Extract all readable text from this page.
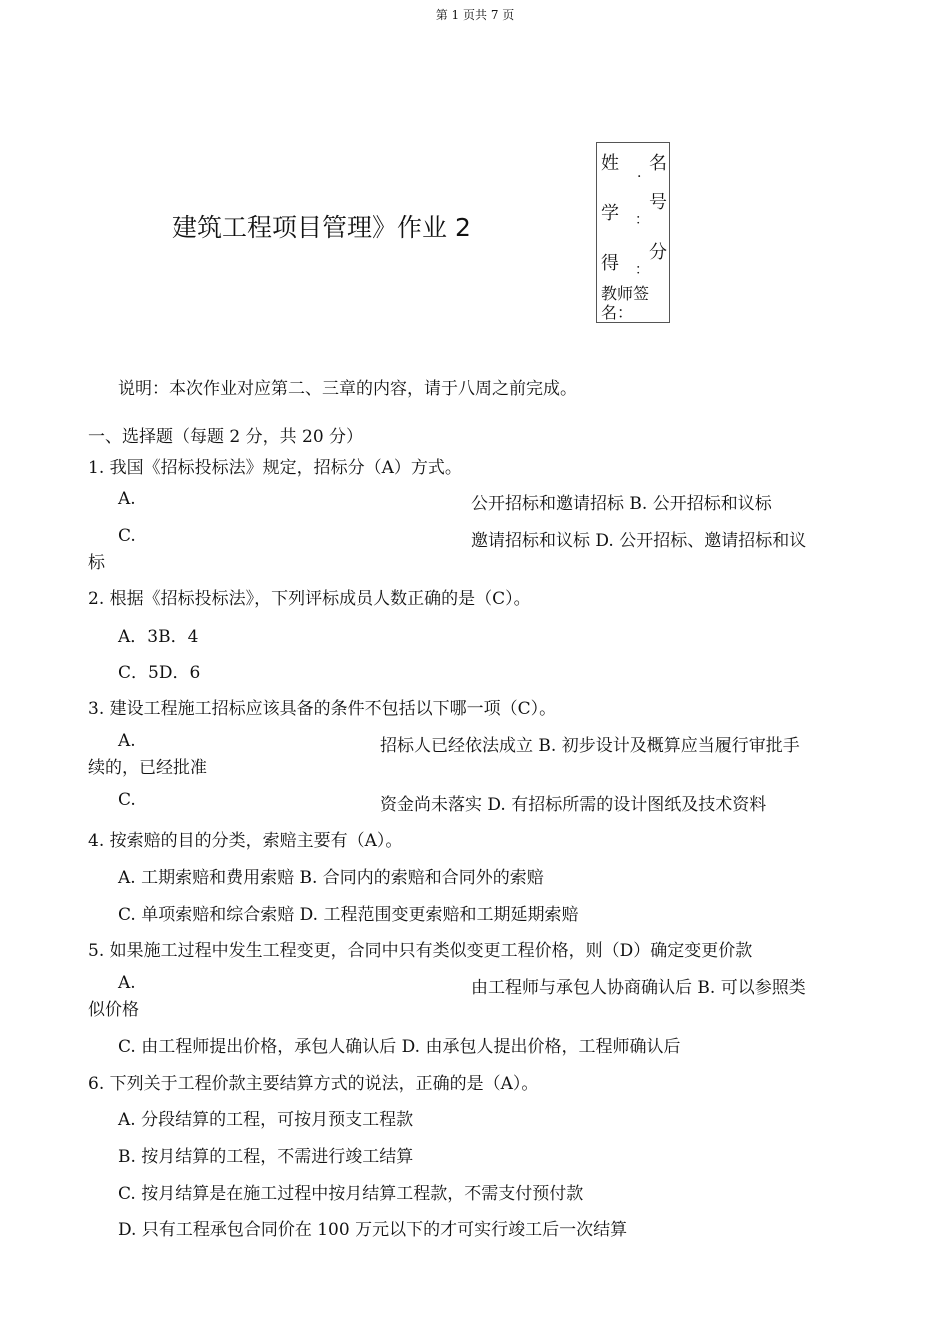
第 1 页共 7 页
建筑工程项目管理》作业 2
姓 名
·
号
学 ：
分
得 ：
教师签
名：
说明：本次作业对应第二、三章的内容，请于八周之前完成。
一、选择题（每题 2 分，共 20 分）
1. 我国《招标投标法》规定，招标分（A）方式。
A.	公开招标和邀请招标 B. 公开招标和议标
C.	邀请招标和议标 D. 公开招标、邀请招标和议
标
2. 根据《招标投标法》，下列评标成员人数正确的是（C）。
A．3B．4
C．5D．6
3. 建设工程施工招标应该具备的条件不包括以下哪一项（C）。
A.	招标人已经依法成立 B. 初步设计及概算应当履行审批手
续的，已经批准
C.	资金尚未落实 D. 有招标所需的设计图纸及技术资料
4. 按索赔的目的分类，索赔主要有（A）。
A. 工期索赔和费用索赔 B. 合同内的索赔和合同外的索赔
C. 单项索赔和综合索赔 D. 工程范围变更索赔和工期延期索赔
5. 如果施工过程中发生工程变更，合同中只有类似变更工程价格，则（D）确定变更价款
A.	由工程师与承包人协商确认后 B. 可以参照类
似价格
C. 由工程师提出价格，承包人确认后 D. 由承包人提出价格，工程师确认后
6. 下列关于工程价款主要结算方式的说法，正确的是（A）。
A. 分段结算的工程，可按月预支工程款
B. 按月结算的工程，不需进行竣工结算
C. 按月结算是在施工过程中按月结算工程款，不需支付预付款
D. 只有工程承包合同价在 100 万元以下的才可实行竣工后一次结算
